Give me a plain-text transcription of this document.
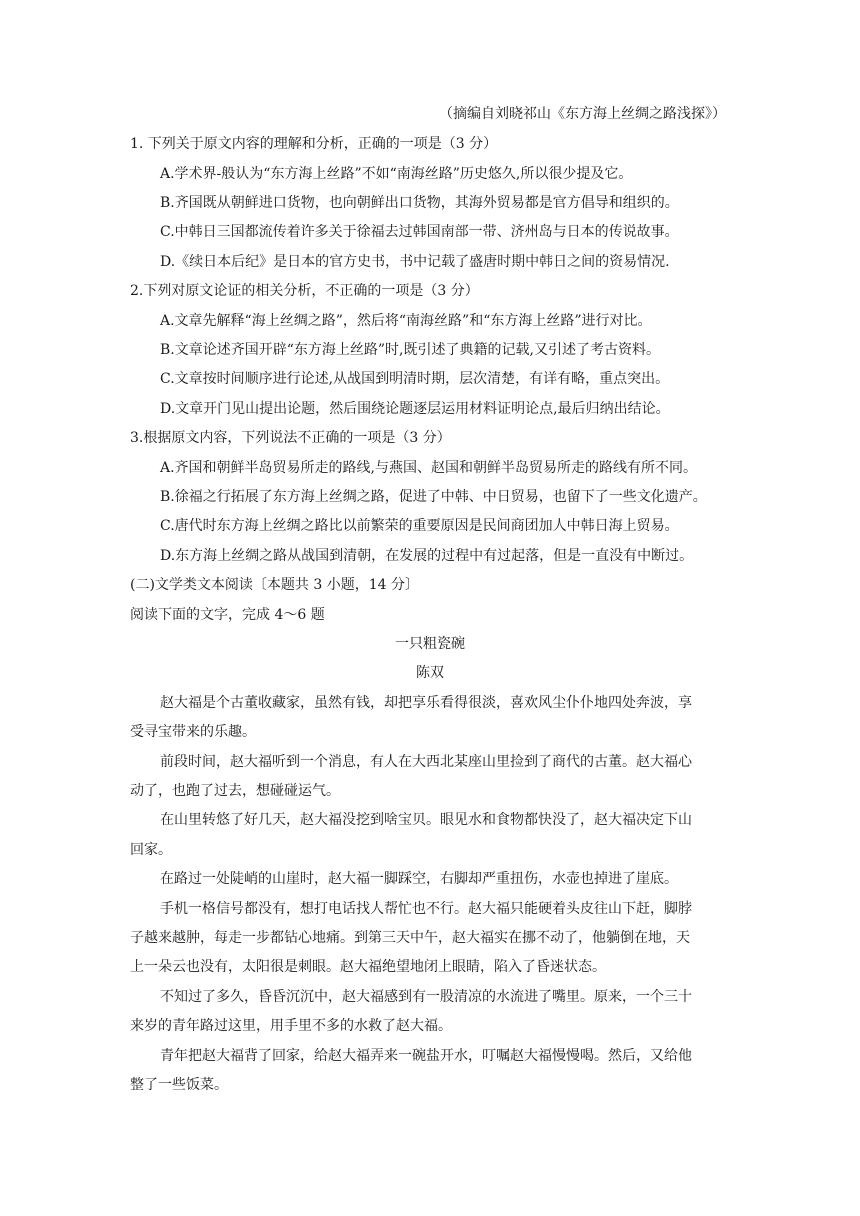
（摘编自刘晓祁山《东方海上丝绸之路浅探》）

1. 下列关于原文内容的理解和分析，正确的一项是（3 分）

A.学术界-般认为“东方海上丝路”不如“南海丝路”历史悠久,所以很少提及它。

B.齐国既从朝鲜进口货物，也向朝鲜出口货物，其海外贸易都是官方倡导和组织的。

C.中韩日三国都流传着许多关于徐福去过韩国南部一带、济州岛与日本的传说故事。

D.《续日本后纪》是日本的官方史书，书中记载了盛唐时期中韩日之间的资易情况.

2.下列对原文论证的相关分析，不正确的一项是（3 分）

A.文章先解释“海上丝绸之路”，然后将“南海丝路”和“东方海上丝路”进行对比。

B.文章论述齐国开辟“东方海上丝路”时,既引述了典籍的记载,又引述了考古资料。

C.文章按时间顺序进行论述,从战国到明清时期，层次清楚，有详有略，重点突出。

D.文章开门见山提出论题，然后围绕论题逐层运用材料证明论点,最后归纳出结论。

3.根据原文内容，下列说法不正确的一项是（3 分）

A.齐国和朝鲜半岛贸易所走的路线,与燕国、赵国和朝鲜半岛贸易所走的路线有所不同。

B.徐福之行拓展了东方海上丝绸之路，促进了中韩、中日贸易，也留下了一些文化遗产。

C.唐代时东方海上丝绸之路比以前繁荣的重要原因是民间商团加人中韩日海上贸易。

D.东方海上丝绸之路从战国到清朝，在发展的过程中有过起落，但是一直没有中断过。

(二)文学类文本阅读〔本题共 3 小题，14 分〕

阅读下面的文字，完成 4～6 题

一只粗瓷碗

陈双

赵大福是个古董收藏家，虽然有钱，却把享乐看得很淡，喜欢风尘仆仆地四处奔波，享

受寻宝带来的乐趣。

前段时间，赵大福听到一个消息，有人在大西北某座山里捡到了商代的古董。赵大福心

动了，也跑了过去，想碰碰运气。

在山里转悠了好几天，赵大福没挖到啥宝贝。眼见水和食物都快没了，赵大福决定下山

回家。

在路过一处陡峭的山崖时，赵大福一脚踩空，右脚却严重扭伤，水壶也掉进了崖底。

手机一格信号都没有，想打电话找人帮忙也不行。赵大福只能硬着头皮往山下赶，脚脖

子越来越肿，每走一步都钻心地痛。到第三天中午，赵大福实在挪不动了，他躺倒在地，天

上一朵云也没有，太阳很是刺眼。赵大福绝望地闭上眼睛，陷入了昏迷状态。

不知过了多久，昏昏沉沉中，赵大福感到有一股清凉的水流进了嘴里。原来，一个三十

来岁的青年路过这里，用手里不多的水救了赵大福。

青年把赵大福背了回家，给赵大福弄来一碗盐开水，叮嘱赵大福慢慢喝。然后，又给他

整了一些饭菜。
